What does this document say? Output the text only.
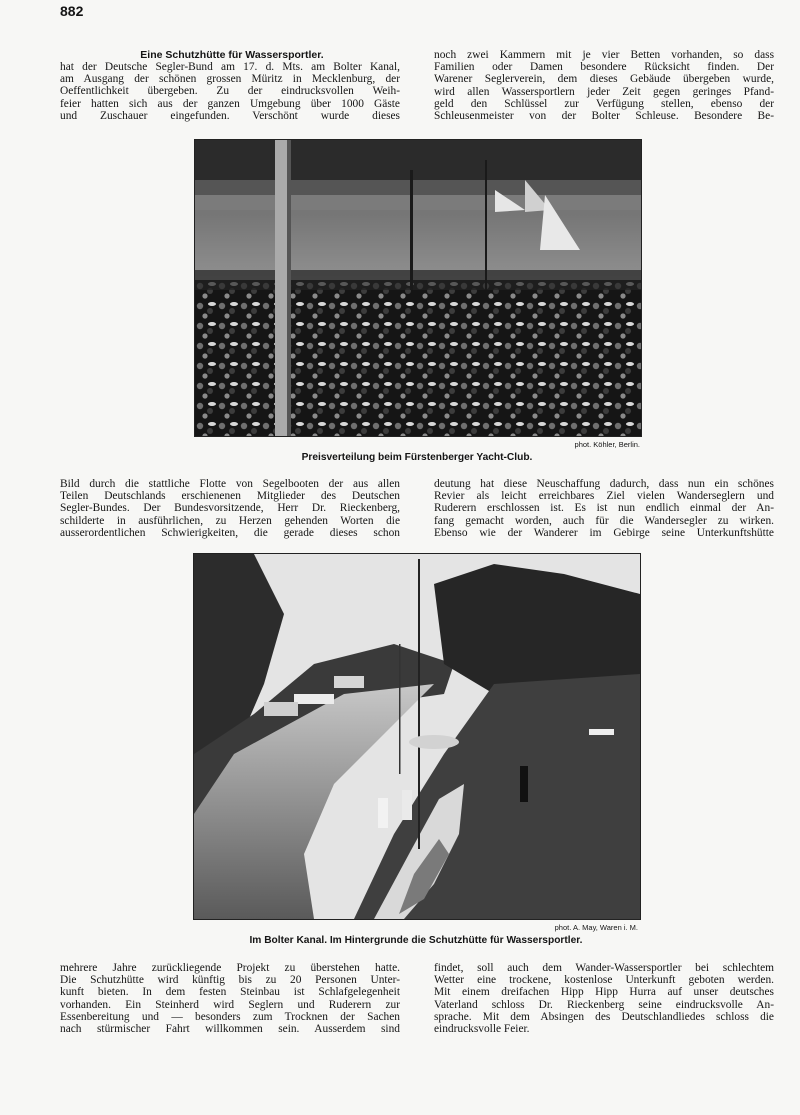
882
Eine Schutzhütte für Wassersportler.
hat der Deutsche Segler-Bund am 17. d. Mts. am Bolter Kanal,
am Ausgang der schönen grossen Müritz in Mecklenburg, der
Oeffentlichkeit übergeben. Zu der eindrucksvollen Weih-
feier hatten sich aus der ganzen Umgebung über 1000 Gäste
und Zuschauer eingefunden. Verschönt wurde dieses
noch zwei Kammern mit je vier Betten vorhanden, so dass
Familien oder Damen besondere Rücksicht finden. Der
Warener Seglerverein, dem dieses Gebäude übergeben wurde,
wird allen Wassersportlern jeder Zeit gegen geringes Pfand-
geld den Schlüssel zur Verfügung stellen, ebenso der
Schleusenmeister von der Bolter Schleuse. Besondere Be-
phot. Köhler, Berlin.
Preisverteilung beim Fürstenberger Yacht-Club.
Bild durch die stattliche Flotte von Segelbooten der aus allen
Teilen Deutschlands erschienenen Mitglieder des Deutschen
Segler-Bundes. Der Bundesvorsitzende, Herr Dr. Rieckenberg,
schilderte in ausführlichen, zu Herzen gehenden Worten die
ausserordentlichen Schwierigkeiten, die gerade dieses schon
deutung hat diese Neuschaffung dadurch, dass nun ein schönes
Revier als leicht erreichbares Ziel vielen Wanderseglern und
Ruderern erschlossen ist. Es ist nun endlich einmal der An-
fang gemacht worden, auch für die Wandersegler zu wirken.
Ebenso wie der Wanderer im Gebirge seine Unterkunftshütte
phot. A. May, Waren i. M.
Im Bolter Kanal. Im Hintergrunde die Schutzhütte für Wassersportler.
mehrere Jahre zurückliegende Projekt zu überstehen hatte.
Die Schutzhütte wird künftig bis zu 20 Personen Unter-
kunft bieten. In dem festen Steinbau ist Schlafgelegenheit
vorhanden. Ein Steinherd wird Seglern und Ruderern zur
Essenbereitung und — besonders zum Trocknen der Sachen
nach stürmischer Fahrt willkommen sein. Ausserdem sind
findet, soll auch dem Wander-Wassersportler bei schlechtem
Wetter eine trockene, kostenlose Unterkunft geboten werden.
Mit einem dreifachen Hipp Hipp Hurra auf unser deutsches
Vaterland schloss Dr. Rieckenberg seine eindrucksvolle An-
sprache. Mit dem Absingen des Deutschlandliedes schloss die
eindrucksvolle Feier.
